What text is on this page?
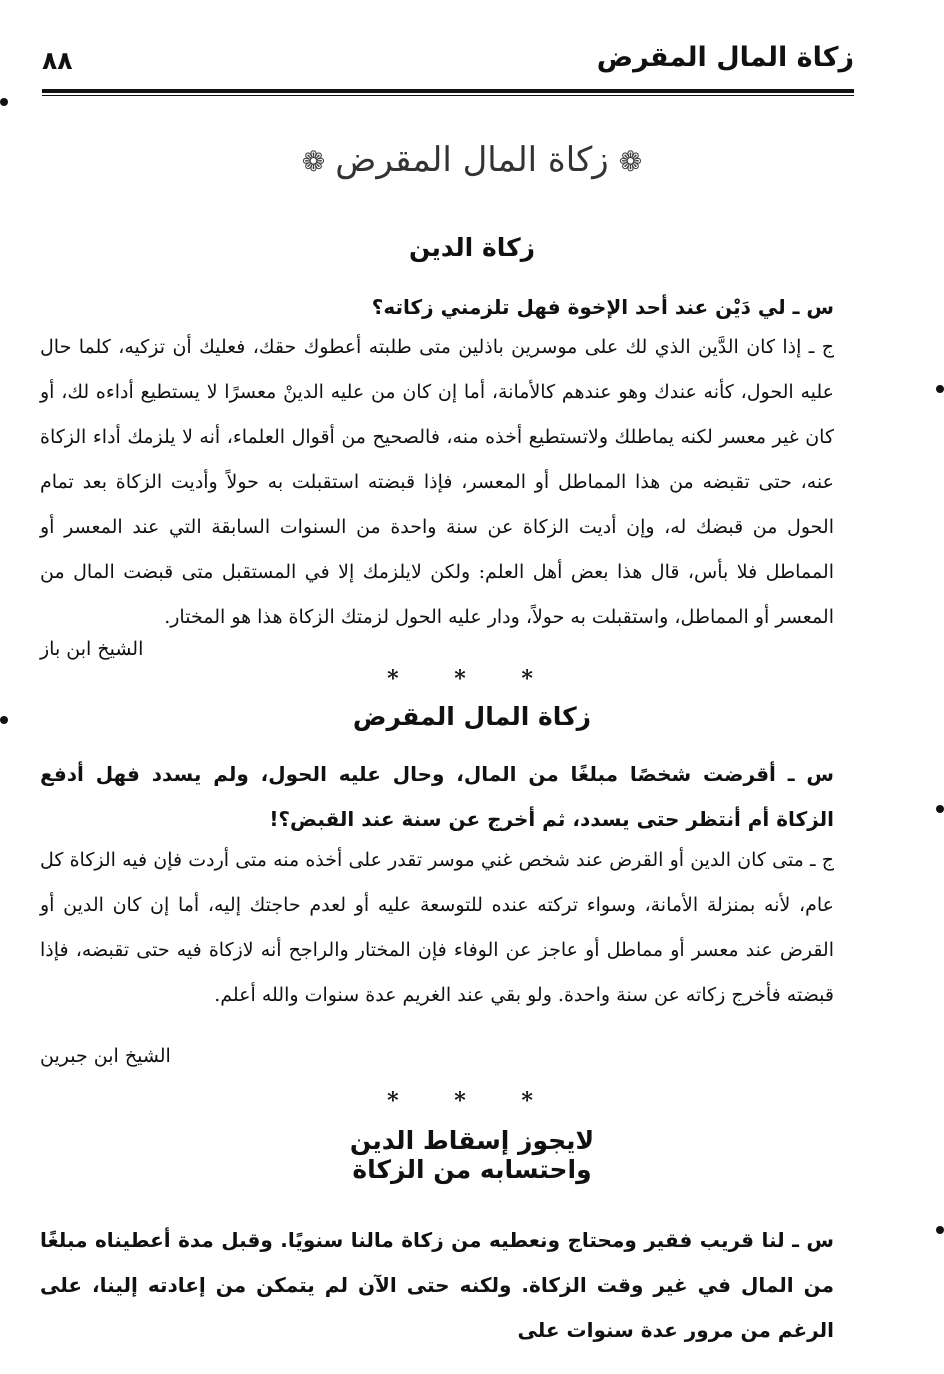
زكاة المال المقرض
٨٨
❁زكاة المال المقرض❁
زكاة الدين
س ـ لي دَيْن عند أحد الإخوة فهل تلزمني زكاته؟
ج ـ إذا كان الدَّين الذي لك على موسرين باذلين متى طلبته أعطوك حقك، فعليك أن تزكيه، كلما حال عليه الحول، كأنه عندك وهو عندهم كالأمانة، أما إن كان من عليه الدينْ معسرًا لا يستطيع أداءه لك، أو كان غير معسر لكنه يماطلك ولاتستطيع أخذه منه، فالصحيح من أقوال العلماء، أنه لا يلزمك أداء الزكاة عنه، حتى تقبضه من هذا المماطل أو المعسر، فإذا قبضته استقبلت به حولاً وأديت الزكاة بعد تمام الحول من قبضك له، وإن أديت الزكاة عن سنة واحدة من السنوات السابقة التي عند المعسر أو المماطل فلا بأس، قال هذا بعض أهل العلم: ولكن لايلزمك إلا في المستقبل متى قبضت المال من المعسر أو المماطل، واستقبلت به حولاً، ودار عليه الحول لزمتك الزكاة هذا هو المختار.
الشيخ ابن باز
* * *
زكاة المال المقرض
س ـ أقرضت شخصًا مبلغًا من المال، وحال عليه الحول، ولم يسدد فهل أدفع الزكاة أم أنتظر حتى يسدد، ثم أخرج عن سنة عند القبض؟!
ج ـ متى كان الدين أو القرض عند شخص غني موسر تقدر على أخذه منه متى أردت فإن فيه الزكاة كل عام، لأنه بمنزلة الأمانة، وسواء تركته عنده للتوسعة عليه أو لعدم حاجتك إليه، أما إن كان الدين أو القرض عند معسر أو مماطل أو عاجز عن الوفاء فإن المختار والراجح أنه لازكاة فيه حتى تقبضه، فإذا قبضته فأخرج زكاته عن سنة واحدة. ولو بقي عند الغريم عدة سنوات والله أعلم.
الشيخ ابن جبرين
* * *
لايجوز إسقاط الدين
واحتسابه من الزكاة
س ـ لنا قريب فقير ومحتاج ونعطيه من زكاة مالنا سنويًا. وقبل مدة أعطيناه مبلغًا من المال في غير وقت الزكاة. ولكنه حتى الآن لم يتمكن من إعادته إلينا، على الرغم من مرور عدة سنوات على
